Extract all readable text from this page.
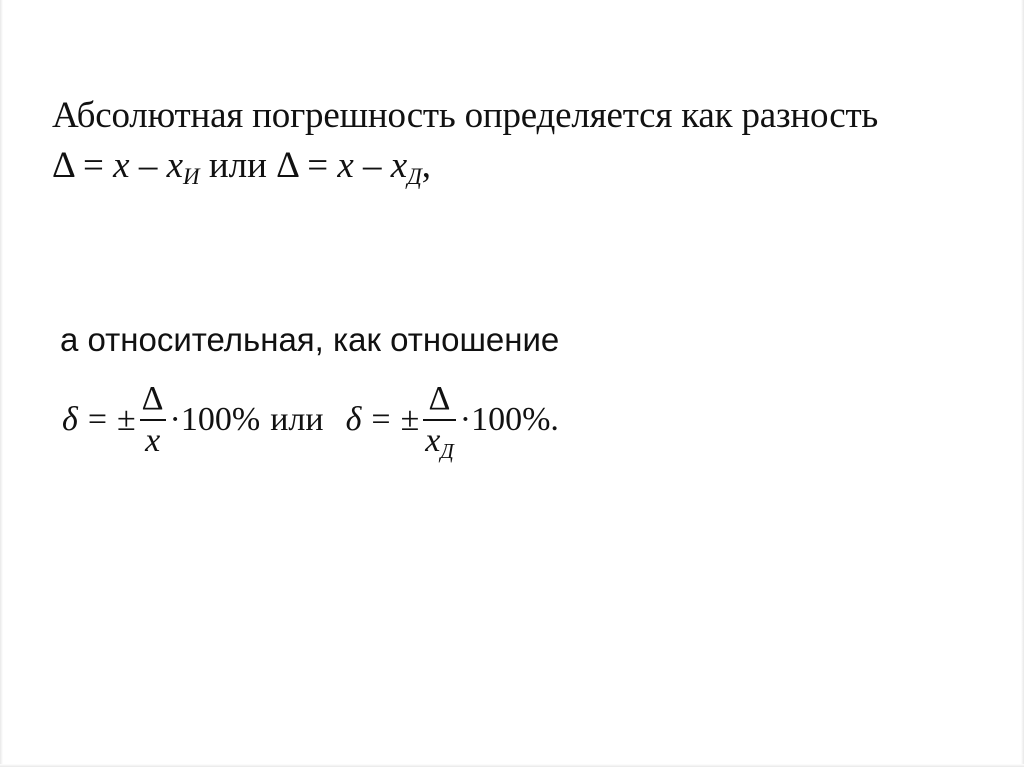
Абсолютная погрешность определяется как разность
Δ = x – xИ или Δ = x – xД,
а относительная, как отношение
δ = ± $\frac{\Delta}{x} \cdot 100\%$ или δ = ± $\frac{\Delta}{xД} \cdot 100\%$ .
